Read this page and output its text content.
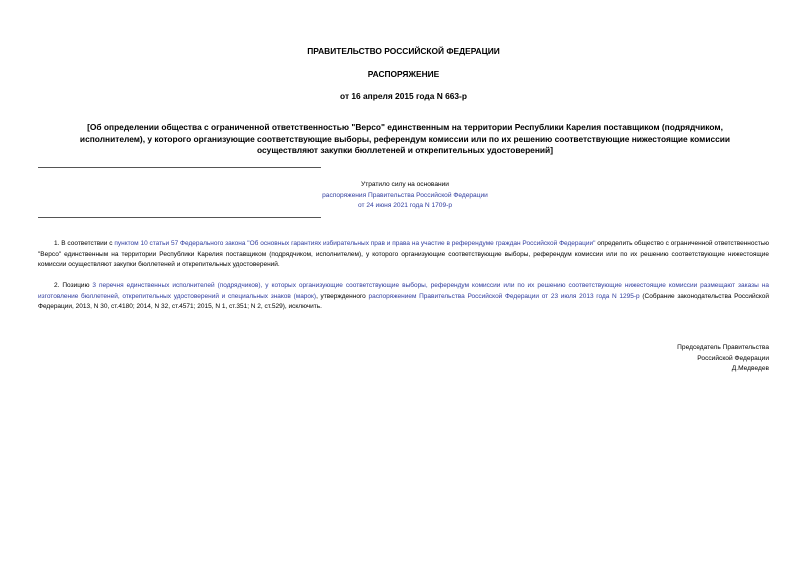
ПРАВИТЕЛЬСТВО РОССИЙСКОЙ ФЕДЕРАЦИИ
РАСПОРЯЖЕНИЕ
от 16 апреля 2015 года N 663-р
[Об определении общества с ограниченной ответственностью "Версо" единственным на территории Республики Карелия поставщиком (подрядчиком, исполнителем), у которого организующие соответствующие выборы, референдум комиссии или по их решению соответствующие нижестоящие комиссии осуществляют закупки бюллетеней и открепительных удостоверений]
Утратило силу на основании
распоряжения Правительства Российской Федерации
от 24 июня 2021 года N 1709-р
1. В соответствии с пунктом 10 статьи 57 Федерального закона "Об основных гарантиях избирательных прав и права на участие в референдуме граждан Российской Федерации" определить общество с ограниченной ответственностью "Версо" единственным на территории Республики Карелия поставщиком (подрядчиком, исполнителем), у которого организующие соответствующие выборы, референдум комиссии или по их решению соответствующие нижестоящие комиссии осуществляют закупки бюллетеней и открепительных удостоверений.
2. Позицию 3 перечня единственных исполнителей (подрядчиков), у которых организующие соответствующие выборы, референдум комиссии или по их решению соответствующие нижестоящие комиссии размещают заказы на изготовление бюллетеней, открепительных удостоверений и специальных знаков (марок), утвержденного распоряжением Правительства Российской Федерации от 23 июля 2013 года N 1295-р (Собрание законодательства Российской Федерации, 2013, N 30, ст.4180; 2014, N 32, ст.4571; 2015, N 1, ст.351; N 2, ст.529), исключить.
Председатель Правительства
Российской Федерации
Д.Медведев
